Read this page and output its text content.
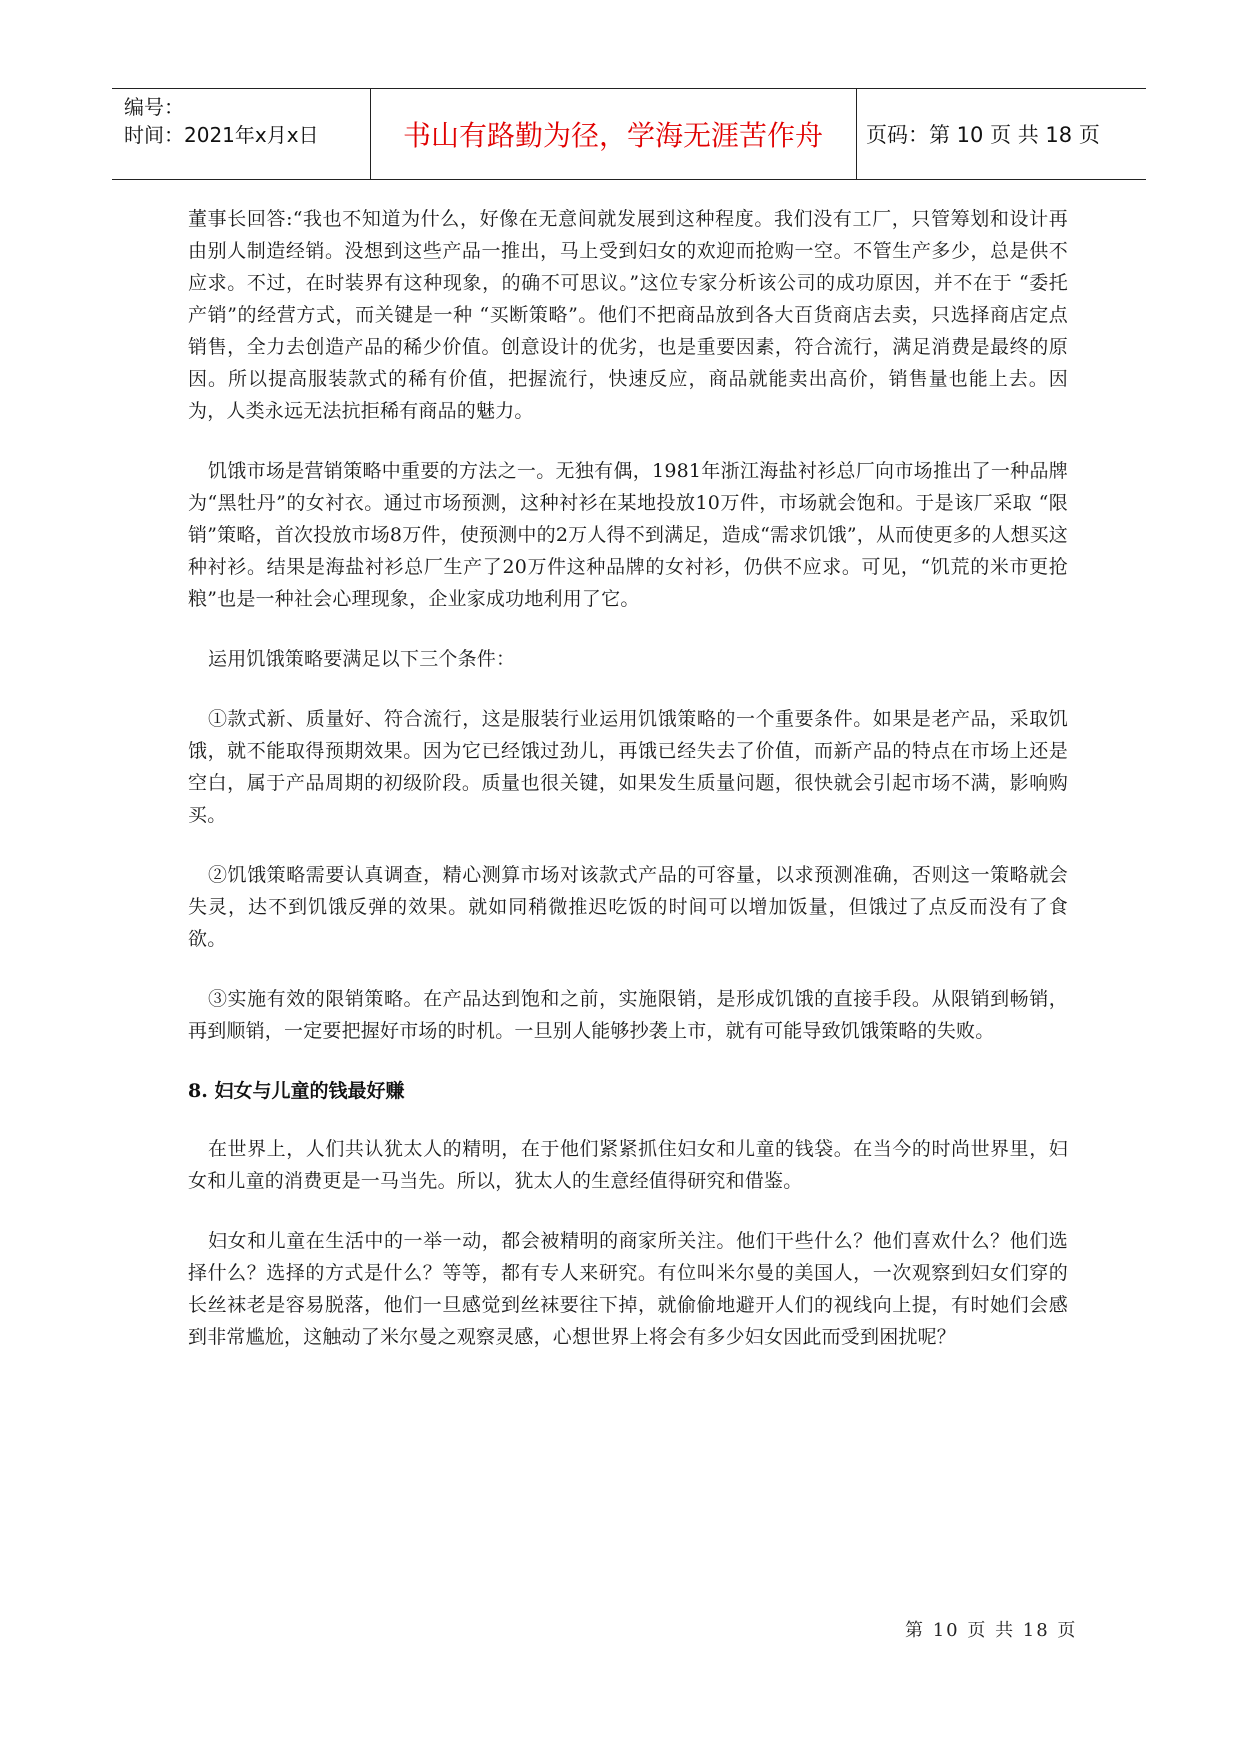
编号：
时间：2021年x月x日	书山有路勤为径，学海无涯苦作舟	页码：第 10 页 共 18 页

董事长回答:“我也不知道为什么，好像在无意间就发展到这种程度。我们没有工厂，只管筹划和设计再由别人制造经销。没想到这些产品一推出，马上受到妇女的欢迎而抢购一空。不管生产多少，总是供不应求。不过，在时装界有这种现象，的确不可思议。”这位专家分析该公司的成功原因，并不在于 “委托产销”的经营方式，而关键是一种 “买断策略”。他们不把商品放到各大百货商店去卖，只选择商店定点销售，全力去创造产品的稀少价值。创意设计的优劣，也是重要因素，符合流行，满足消费是最终的原因。所以提高服装款式的稀有价值，把握流行，快速反应，商品就能卖出高价，销售量也能上去。因为，人类永远无法抗拒稀有商品的魅力。

饥饿市场是营销策略中重要的方法之一。无独有偶，1981年浙江海盐衬衫总厂向市场推出了一种品牌为“黑牡丹”的女衬衣。通过市场预测，这种衬衫在某地投放10万件，市场就会饱和。于是该厂采取 “限销”策略，首次投放市场8万件，使预测中的2万人得不到满足，造成“需求饥饿”，从而使更多的人想买这种衬衫。结果是海盐衬衫总厂生产了20万件这种品牌的女衬衫，仍供不应求。可见，“饥荒的米市更抢粮”也是一种社会心理现象，企业家成功地利用了它。

运用饥饿策略要满足以下三个条件：

①款式新、质量好、符合流行，这是服装行业运用饥饿策略的一个重要条件。如果是老产品，采取饥饿，就不能取得预期效果。因为它已经饿过劲儿，再饿已经失去了价值，而新产品的特点在市场上还是空白，属于产品周期的初级阶段。质量也很关键，如果发生质量问题，很快就会引起市场不满，影响购买。

②饥饿策略需要认真调查，精心测算市场对该款式产品的可容量，以求预测准确，否则这一策略就会失灵，达不到饥饿反弹的效果。就如同稍微推迟吃饭的时间可以增加饭量，但饿过了点反而没有了食欲。

③实施有效的限销策略。在产品达到饱和之前，实施限销，是形成饥饿的直接手段。从限销到畅销，再到顺销，一定要把握好市场的时机。一旦别人能够抄袭上市，就有可能导致饥饿策略的失败。

8. 妇女与儿童的钱最好赚

在世界上，人们共认犹太人的精明，在于他们紧紧抓住妇女和儿童的钱袋。在当今的时尚世界里，妇女和儿童的消费更是一马当先。所以，犹太人的生意经值得研究和借鉴。

妇女和儿童在生活中的一举一动，都会被精明的商家所关注。他们干些什么？他们喜欢什么？他们选择什么？选择的方式是什么？等等，都有专人来研究。有位叫米尔曼的美国人，一次观察到妇女们穿的长丝袜老是容易脱落，他们一旦感觉到丝袜要往下掉，就偷偷地避开人们的视线向上提，有时她们会感到非常尴尬，这触动了米尔曼之观察灵感，心想世界上将会有多少妇女因此而受到困扰呢？

第 10 页 共 18 页
